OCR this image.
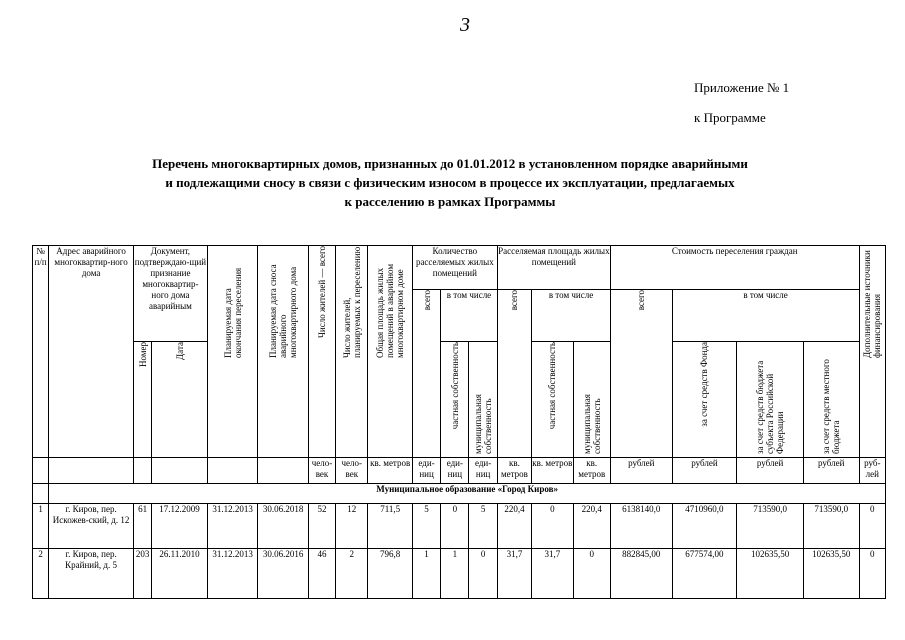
3
Приложение № 1
к Программе
Перечень многоквартирных домов, признанных до 01.01.2012 в установленном порядке аварийными
и подлежащими сносу в связи с физическим износом в процессе их эксплуатации, предлагаемых
к расселению в рамках Программы
№ п/п	Адрес аварийного многоквартир-ного дома	Документ, подтверждаю-щий признание многоквартир-ного дома аварийным		Планируемая дата окончания переселения	Планируемая дата сноса аварийного многоквартирного дома	Число жителей — всего	Число жителей, планируемых к переселению	Общая площадь жилых помещений в аварийном многоквартирном доме	Количество расселяемых жилых помещений			Расселяемая площадь жилых помещений			Стоимость переселения граждан				Дополнительные источники финансирования
									всего	в том числе		всего	в том числе		всего	в том числе			
		Номер	Дата							частная собственность	муниципальная собственность		частная собственность	муниципальная собственность		за счет средств Фонда	за счет средств бюджета субъекта Российской Федерации	за счет средств местного бюджета	

						чело-век	чело-век	кв. метров	еди-ниц	еди-ниц	еди-ниц	кв. метров	кв. метров	кв. метров	рублей	рублей	рублей	рублей	руб-лей
	Муниципальное образование «Город Киров»																		
1	г. Киров, пер. Искожев-ский, д. 12	61	17.12.2009	31.12.2013	30.06.2018	52	12	711,5	5	0	5	220,4	0	220,4	6138140,0	4710960,0	713590,0	713590,0	0
2	г. Киров, пер. Крайний, д. 5	203	26.11.2010	31.12.2013	30.06.2016	46	2	796,8	1	1	0	31,7	31,7	0	882845,00	677574,00	102635,50	102635,50	0
